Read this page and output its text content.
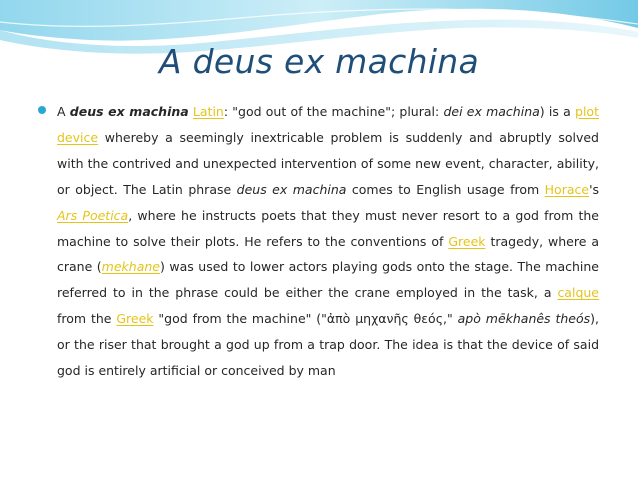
A deus ex machina
A deus ex machina Latin: "god out of the machine"; plural: dei ex machina) is a plot device whereby a seemingly inextricable problem is suddenly and abruptly solved with the contrived and unexpected intervention of some new event, character, ability, or object. The Latin phrase deus ex machina comes to English usage from Horace's Ars Poetica, where he instructs poets that they must never resort to a god from the machine to solve their plots. He refers to the conventions of Greek tragedy, where a crane (mekhane) was used to lower actors playing gods onto the stage. The machine referred to in the phrase could be either the crane employed in the task, a calque from the Greek "god from the machine" ("ἀπὸ μηχανῆς θεός," apò mēkhanês theós), or the riser that brought a god up from a trap door. The idea is that the device of said god is entirely artificial or conceived by man
